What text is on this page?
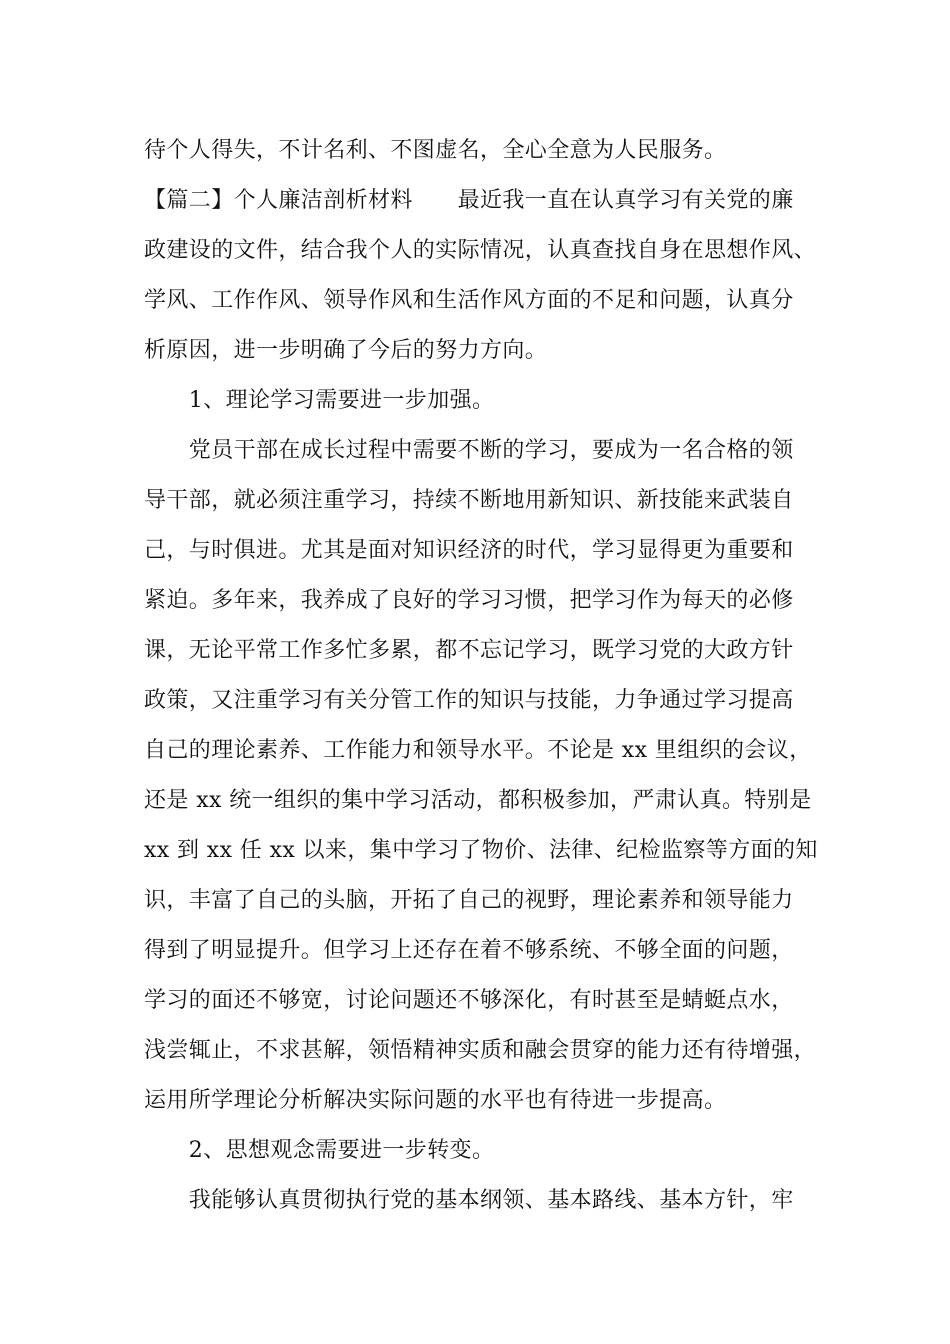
待个人得失，不计名利、不图虚名，全心全意为人民服务。
【篇二】个人廉洁剖析材料　　最近我一直在认真学习有关党的廉
政建设的文件，结合我个人的实际情况，认真查找自身在思想作风、
学风、工作作风、领导作风和生活作风方面的不足和问题，认真分
析原因，进一步明确了今后的努力方向。
　　1、理论学习需要进一步加强。
　　党员干部在成长过程中需要不断的学习，要成为一名合格的领
导干部，就必须注重学习，持续不断地用新知识、新技能来武装自
己，与时俱进。尤其是面对知识经济的时代，学习显得更为重要和
紧迫。多年来，我养成了良好的学习习惯，把学习作为每天的必修
课，无论平常工作多忙多累，都不忘记学习，既学习党的大政方针
政策，又注重学习有关分管工作的知识与技能，力争通过学习提高
自己的理论素养、工作能力和领导水平。不论是 xx 里组织的会议，
还是 xx 统一组织的集中学习活动，都积极参加，严肃认真。特别是
xx 到 xx 任 xx 以来，集中学习了物价、法律、纪检监察等方面的知
识，丰富了自己的头脑，开拓了自己的视野，理论素养和领导能力
得到了明显提升。但学习上还存在着不够系统、不够全面的问题，
学习的面还不够宽，讨论问题还不够深化，有时甚至是蜻蜓点水，
浅尝辄止，不求甚解，领悟精神实质和融会贯穿的能力还有待增强，
运用所学理论分析解决实际问题的水平也有待进一步提高。
　　2、思想观念需要进一步转变。
　　我能够认真贯彻执行党的基本纲领、基本路线、基本方针，牢
